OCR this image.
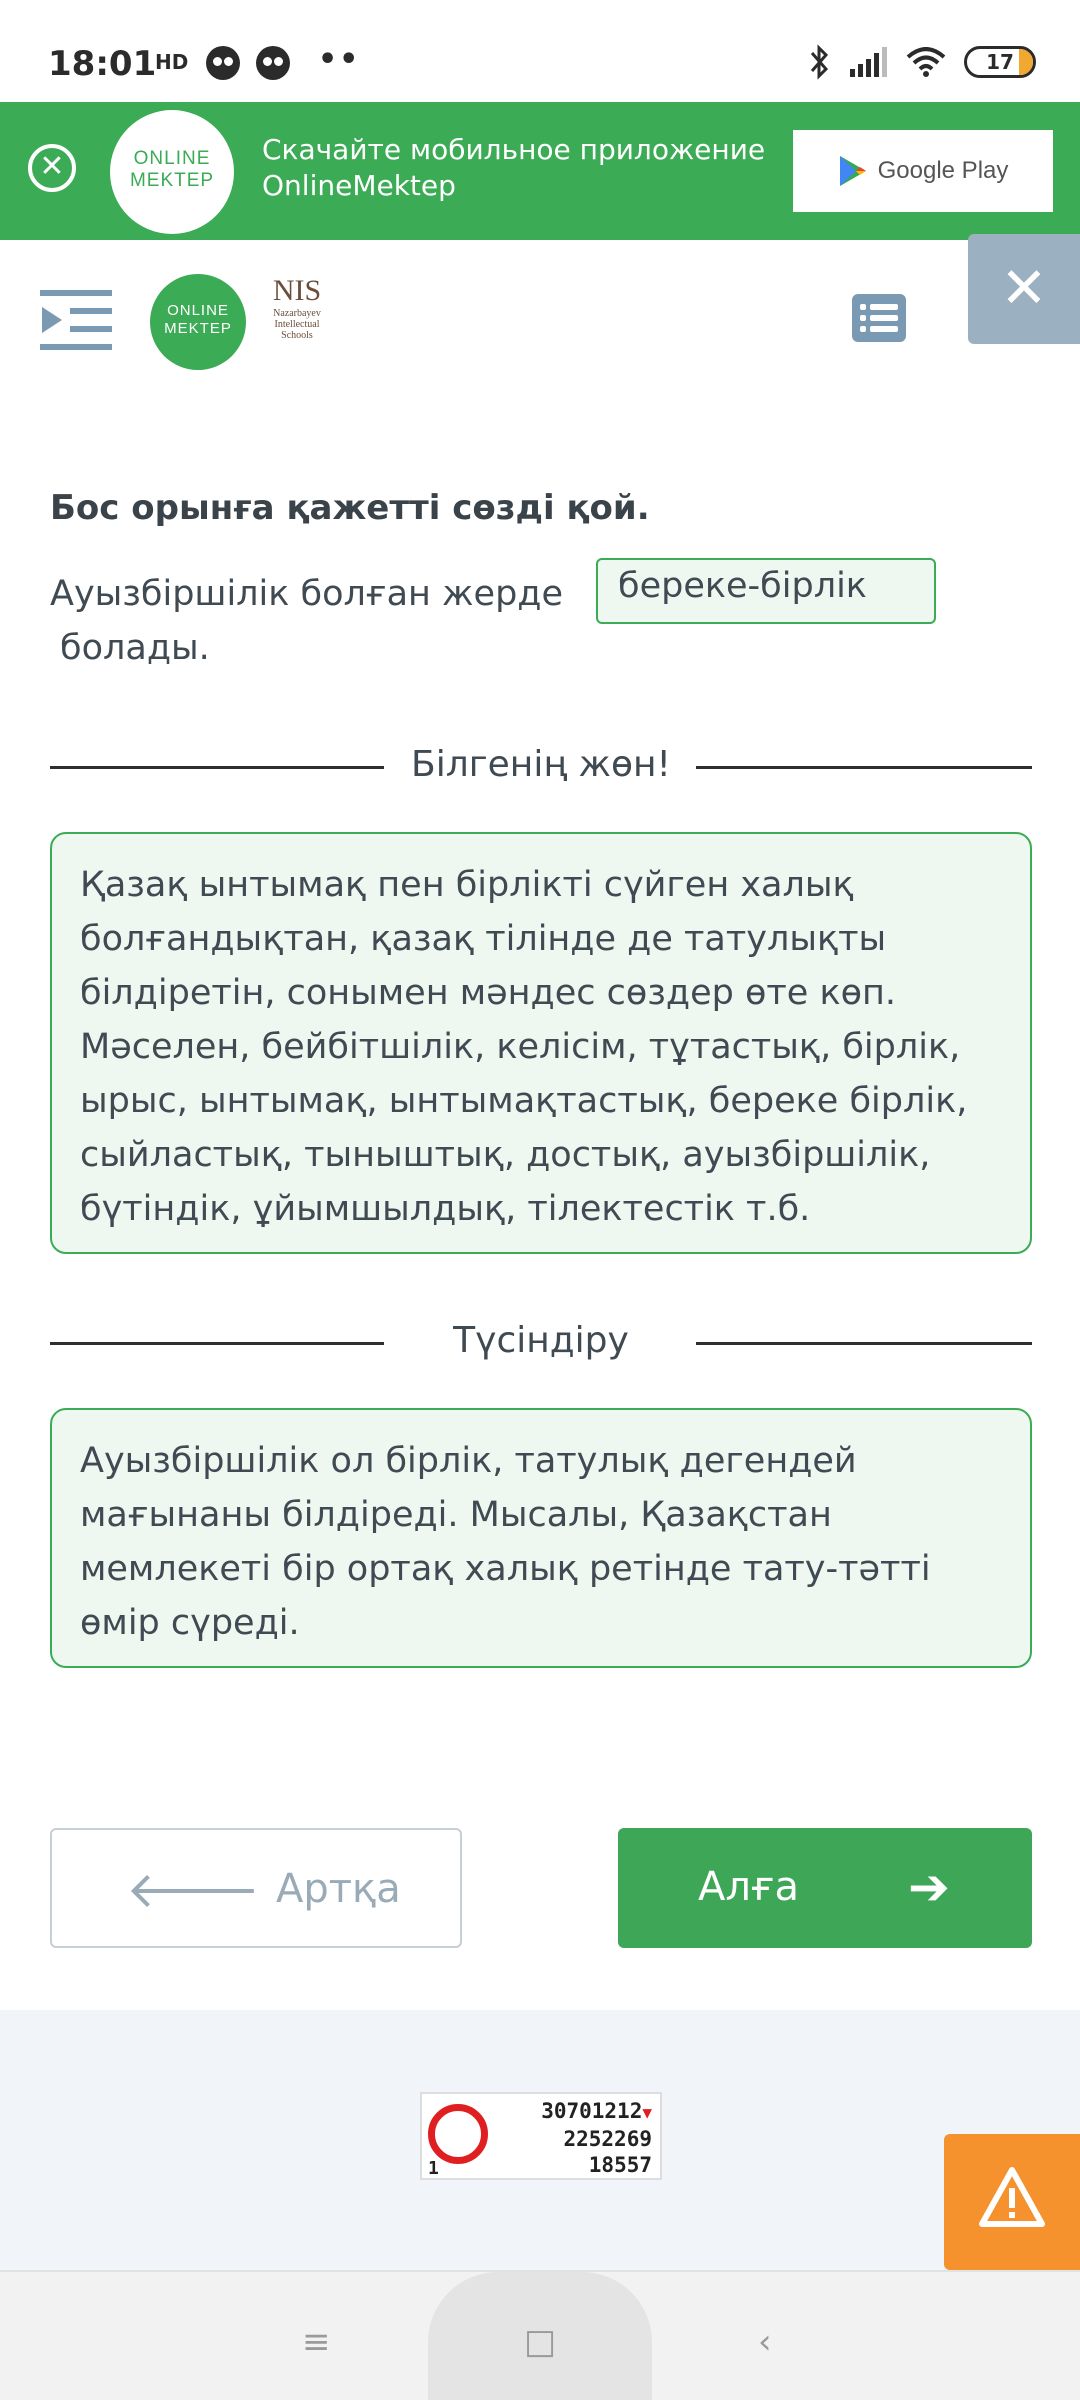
18:01
HD	••	17
✕	ONLINE
MEKTEP
Скачайте мобильное приложение
OnlineMektep	Google Play
ONLINE
MEKTEP
NIS
Nazarbayev
Intellectual
Schools
✕
Бос орынға қажетті сөзді қой.
Ауызбіршілік болған жерде	береке-бірлік
болады.
Білгенің жөн!
Қазақ ынтымақ пен бірлікті сүйген халық болғандықтан, қазақ тілінде де татулықты білдіретін, сонымен мәндес сөздер өте көп. Мәселен, бейбітшілік, келісім, тұтастық, бірлік, ырыс, ынтымақ, ынтымақтастық, береке бірлік, сыйластық, тыныштық, достық, ауызбіршілік, бүтіндік, ұйымшылдық, тілектестік т.б.
Түсіндіру
Ауызбіршілік ол бірлік, татулық дегендей мағынаны білдіреді. Мысалы, Қазақстан мемлекеті бір ортақ халық ретінде тату-тәтті өмір сүреді.
🡐 Артқа	Алға ➔
1
30701212▼
2252269
18557
≡	□	‹
